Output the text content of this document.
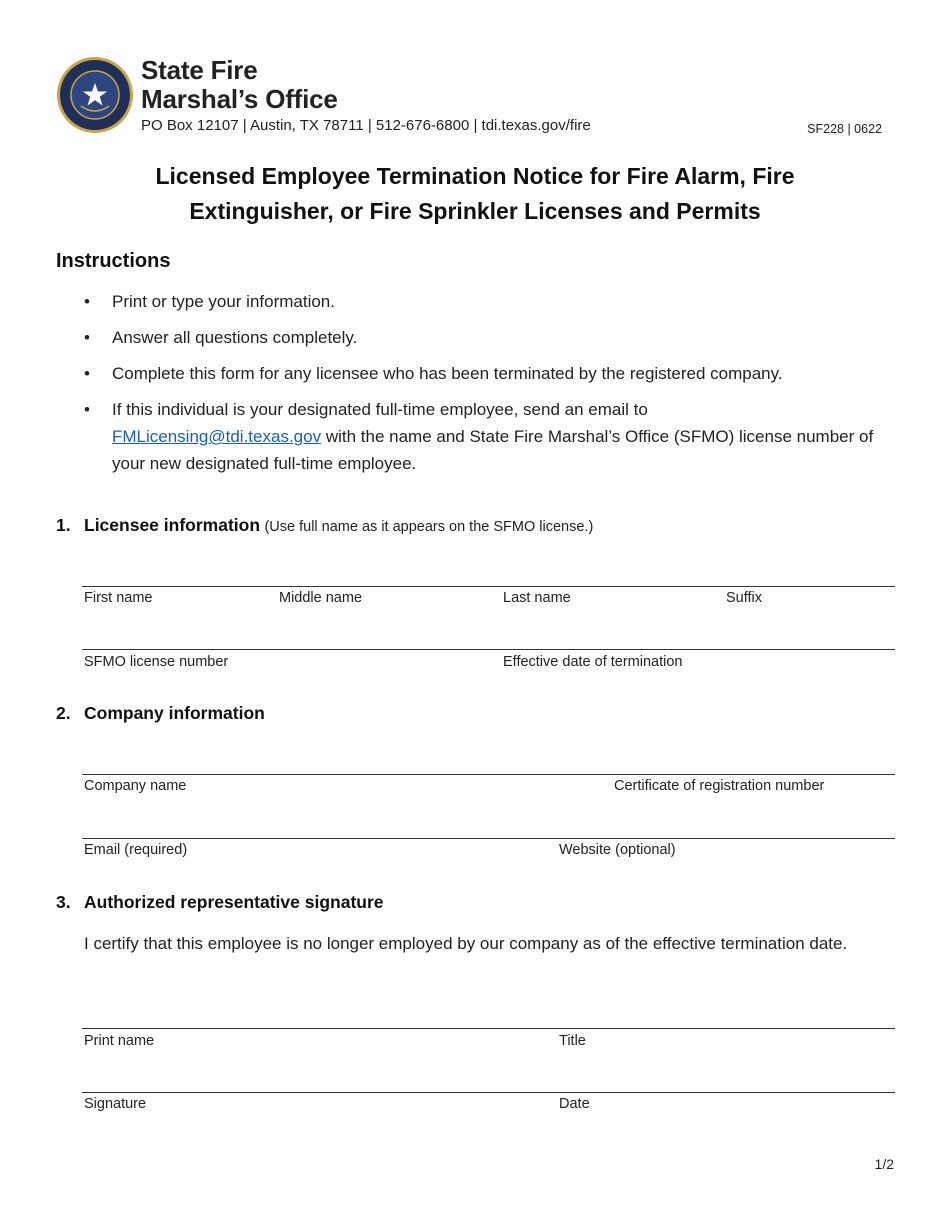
State Fire
Marshal’s Office
PO Box 12107 | Austin, TX 78711 | 512-676-6800 | tdi.texas.gov/fire	SF228 | 0622
Licensed Employee Termination Notice for Fire Alarm, Fire
Extinguisher, or Fire Sprinkler Licenses and Permits
Instructions
• Print or type your information.
• Answer all questions completely.
• Complete this form for any licensee who has been terminated by the registered company.
• If this individual is your designated full-time employee, send an email to
FMLicensing@tdi.texas.gov with the name and State Fire Marshal’s Office (SFMO) license number of your new designated full-time employee.
1. Licensee information (Use full name as it appears on the SFMO license.)
First name	Middle name	Last name	Suffix
SFMO license number	Effective date of termination
2. Company information
Company name	Certificate of registration number
Email (required)	Website (optional)
3. Authorized representative signature
I certify that this employee is no longer employed by our company as of the effective termination date.
Print name	Title
Signature	Date
1/2
